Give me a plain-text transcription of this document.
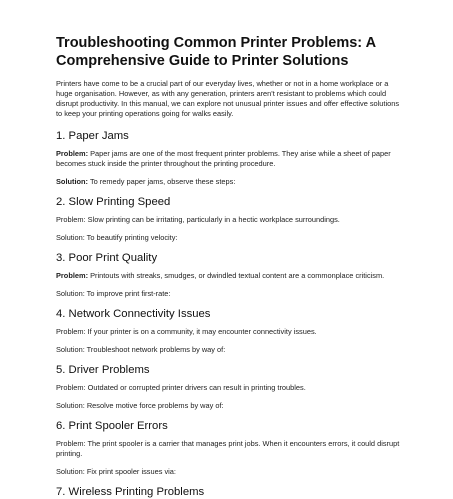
Troubleshooting Common Printer Problems: A Comprehensive Guide to Printer Solutions

Printers have come to be a crucial part of our everyday lives, whether or not in a home workplace or a huge organisation. However, as with any generation, printers aren't resistant to problems which could disrupt productivity. In this manual, we can explore not unusual printer issues and offer effective solutions to keep your printing operations going for walks easily.

1. Paper Jams

Problem: Paper jams are one of the most frequent printer problems. They arise while a sheet of paper becomes stuck inside the printer throughout the printing procedure.

Solution: To remedy paper jams, observe these steps:

2. Slow Printing Speed

Problem: Slow printing can be irritating, particularly in a hectic workplace surroundings.

Solution: To beautify printing velocity:

3. Poor Print Quality

Problem: Printouts with streaks, smudges, or dwindled textual content are a commonplace criticism.

Solution: To improve print first-rate:

4. Network Connectivity Issues

Problem: If your printer is on a community, it may encounter connectivity issues.

Solution: Troubleshoot network problems by way of:

5. Driver Problems

Problem: Outdated or corrupted printer drivers can result in printing troubles.

Solution: Resolve motive force problems by way of:

6. Print Spooler Errors

Problem: The print spooler is a carrier that manages print jobs. When it encounters errors, it could disrupt printing.

Solution: Fix print spooler issues via:

7. Wireless Printing Problems
